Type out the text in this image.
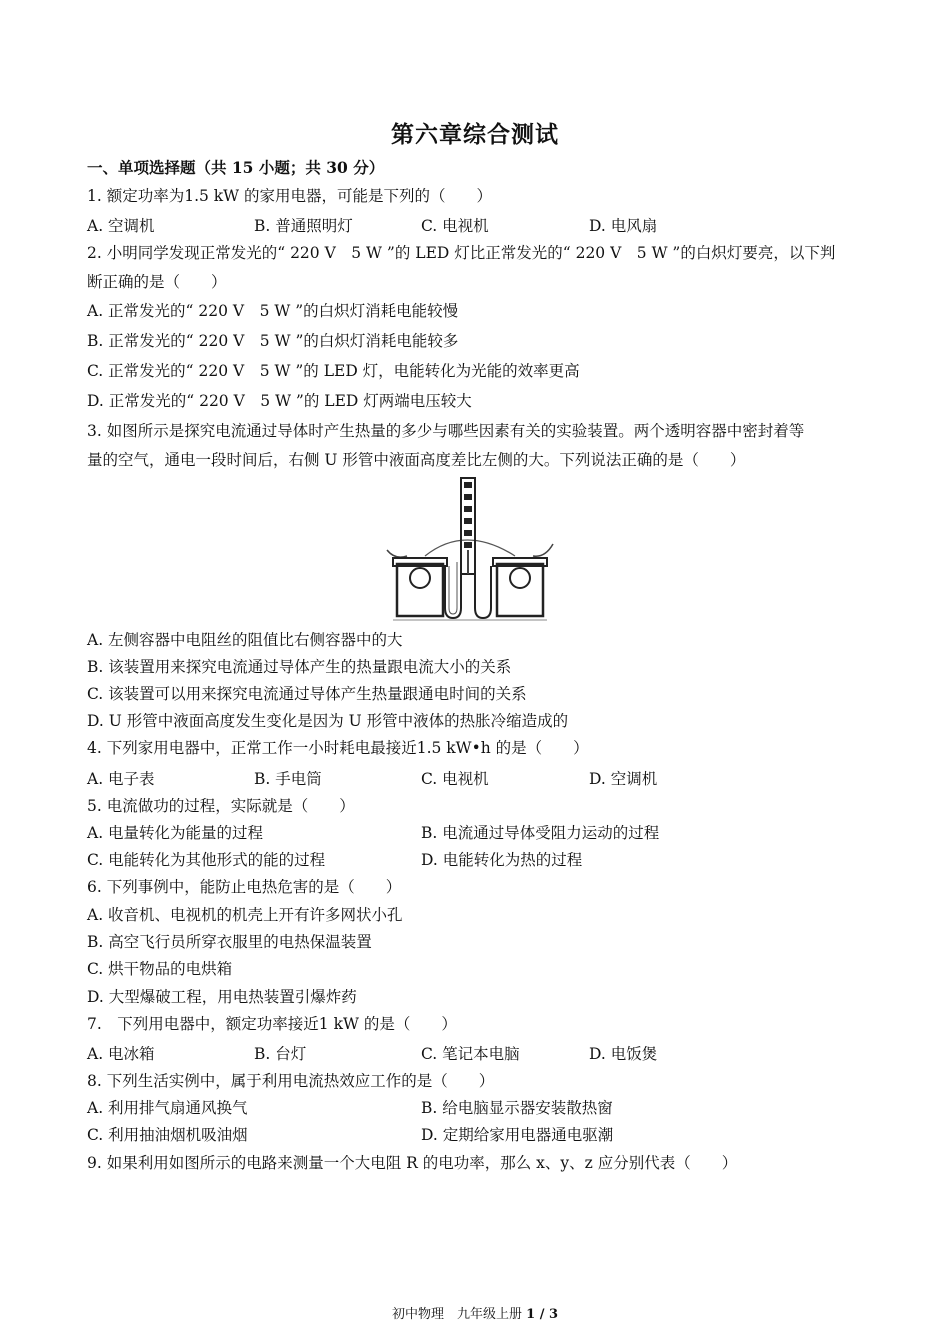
第六章综合测试
一、单项选择题（共 15 小题；共 30 分）
1. 额定功率为1.5 kW 的家用电器，可能是下列的（　　）
A. 空调机	B. 普通照明灯	C. 电视机	D. 电风扇
2. 小明同学发现正常发光的“ 220 V　5 W ”的 LED 灯比正常发光的“ 220 V　5 W ”的白炽灯要亮，以下判
断正确的是（　　）
A. 正常发光的“ 220 V　5 W ”的白炽灯消耗电能较慢
B. 正常发光的“ 220 V　5 W ”的白炽灯消耗电能较多
C. 正常发光的“ 220 V　5 W ”的 LED 灯，电能转化为光能的效率更高
D. 正常发光的“ 220 V　5 W ”的 LED 灯两端电压较大
3. 如图所示是探究电流通过导体时产生热量的多少与哪些因素有关的实验装置。两个透明容器中密封着等
量的空气，通电一段时间后，右侧 U 形管中液面高度差比左侧的大。下列说法正确的是（　　）
A. 左侧容器中电阻丝的阻值比右侧容器中的大
B. 该装置用来探究电流通过导体产生的热量跟电流大小的关系
C. 该装置可以用来探究电流通过导体产生热量跟通电时间的关系
D. U 形管中液面高度发生变化是因为 U 形管中液体的热胀冷缩造成的
4. 下列家用电器中，正常工作一小时耗电最接近1.5 kW•h 的是（　　）
A. 电子表	B. 手电筒	C. 电视机	D. 空调机
5. 电流做功的过程，实际就是（　　）
A. 电量转化为能量的过程	B. 电流通过导体受阻力运动的过程
C. 电能转化为其他形式的能的过程	D. 电能转化为热的过程
6. 下列事例中，能防止电热危害的是（　　）
A. 收音机、电视机的机壳上开有许多网状小孔
B. 高空飞行员所穿衣服里的电热保温装置
C. 烘干物品的电烘箱
D. 大型爆破工程，用电热装置引爆炸药
7.　下列用电器中，额定功率接近1 kW 的是（　　）
A. 电冰箱	B. 台灯	C. 笔记本电脑	D. 电饭煲
8. 下列生活实例中，属于利用电流热效应工作的是（　　）
A. 利用排气扇通风换气	B. 给电脑显示器安装散热窗
C. 利用抽油烟机吸油烟	D. 定期给家用电器通电驱潮
9. 如果利用如图所示的电路来测量一个大电阻 R 的电功率，那么 x、y、z 应分别代表（　　）
初中物理　九年级上册 1 / 3
